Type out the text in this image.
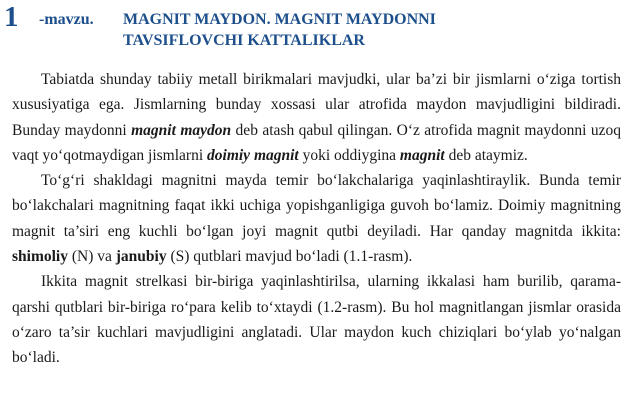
1 -mavzu. MAGNIT MAYDON. MAGNIT MAYDONNI TAVSIFLOVCHI KATTALIKLAR

Tabiatda shunday tabiiy metall birikmalari mavjudki, ular ba’zi bir jismlarni o‘ziga tortish xususiyatiga ega. Jismlarning bunday xossasi ular atrofida maydon mavjudligini bildiradi. Bunday maydonni magnit maydon deb atash qabul qilingan. O‘z atrofida magnit maydonni uzoq vaqt yo‘qotmaydigan jismlarni doimiy magnit yoki oddiygina magnit deb ataymiz.

To‘g‘ri shakldagi magnitni mayda temir bo‘lakchalariga yaqinlashtiraylik. Bunda temir bo‘lakchalari magnitning faqat ikki uchiga yopishganligiga guvoh bo‘lamiz. Doimiy magnitning magnit ta’siri eng kuchli bo‘lgan joyi magnit qutbi deyiladi. Har qanday magnitda ikkita: shimoliy (N) va janubiy (S) qutblari mavjud bo‘ladi (1.1-rasm).

Ikkita magnit strelkasi bir-biriga yaqinlashtirilsa, ularning ikkalasi ham burilib, qarama-qarshi qutblari bir-biriga ro‘para kelib to‘xtaydi (1.2-rasm). Bu hol magnitlangan jismlar orasida o‘zaro ta’sir kuchlari mavjudligini anglatadi. Ular maydon kuch chiziqlari bo‘ylab yo‘nalgan bo‘ladi.
